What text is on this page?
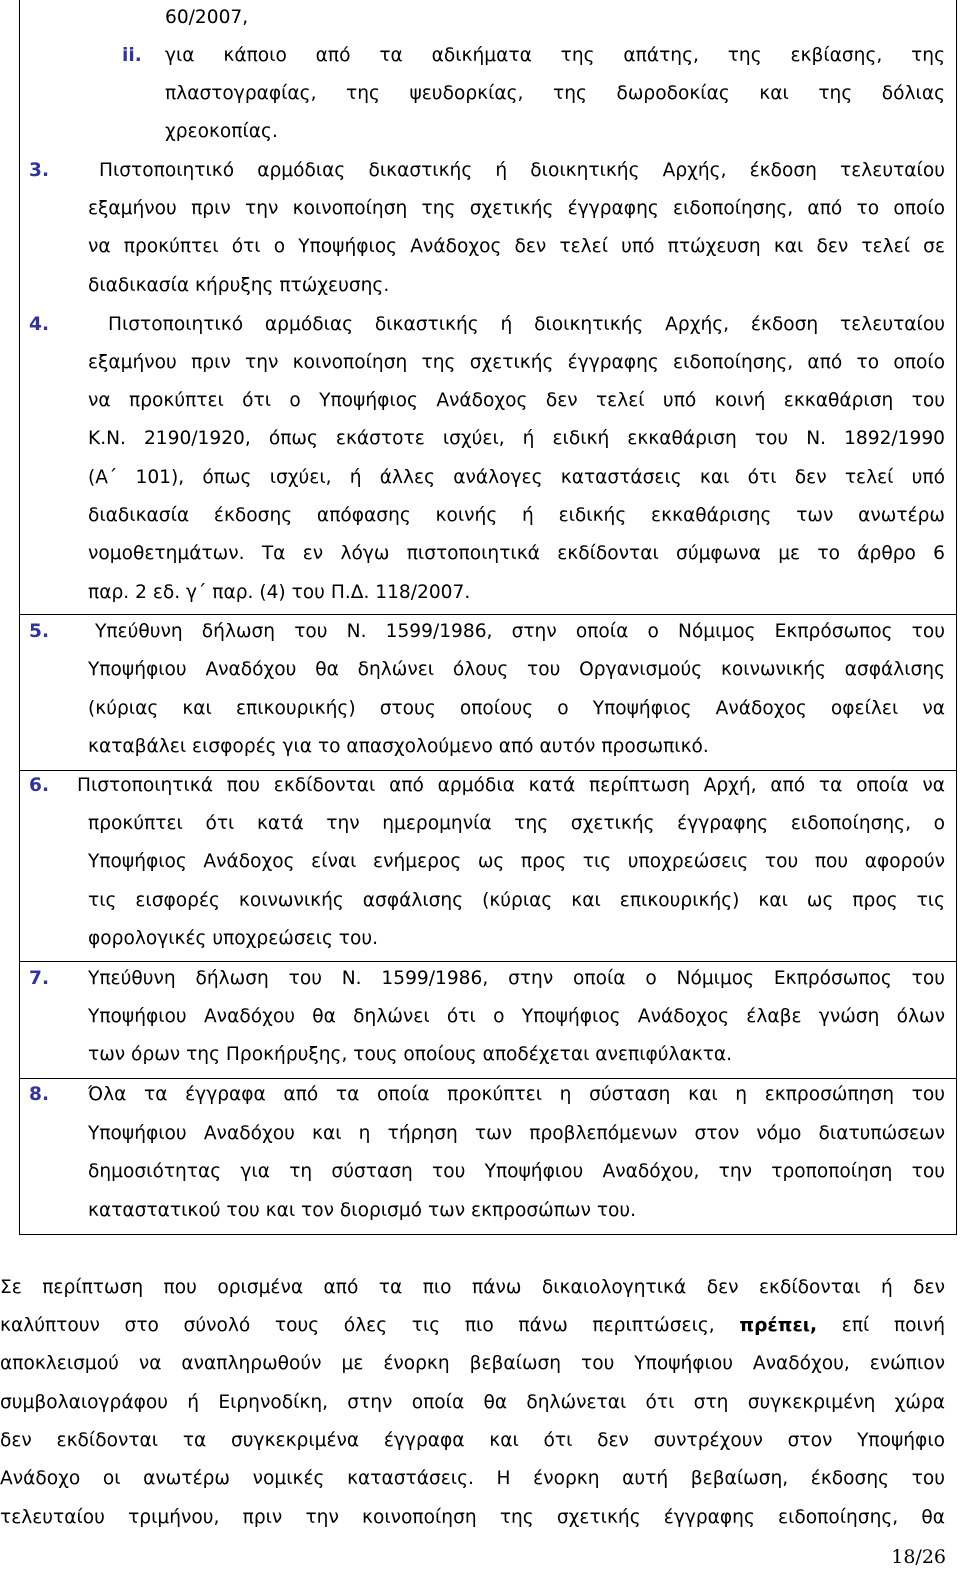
60/2007,
ii. για κάποιο από τα αδικήματα της απάτης, της εκβίασης, της
πλαστογραφίας, της ψευδορκίας, της δωροδοκίας και της δόλιας
χρεοκοπίας.
3.	Πιστοποιητικό αρμόδιας δικαστικής ή διοικητικής Αρχής, έκδοση τελευταίου
εξαμήνου πριν την κοινοποίηση της σχετικής έγγραφης ειδοποίησης, από το οποίο
να προκύπτει ότι ο Υποψήφιος Ανάδοχος δεν τελεί υπό πτώχευση και δεν τελεί σε
διαδικασία κήρυξης πτώχευσης.
4.	Πιστοποιητικό αρμόδιας δικαστικής ή διοικητικής Αρχής, έκδοση τελευταίου
εξαμήνου πριν την κοινοποίηση της σχετικής έγγραφης ειδοποίησης, από το οποίο
να προκύπτει ότι ο Υποψήφιος Ανάδοχος δεν τελεί υπό κοινή εκκαθάριση του
Κ.Ν. 2190/1920, όπως εκάστοτε ισχύει, ή ειδική εκκαθάριση του Ν. 1892/1990
(Α΄ 101), όπως ισχύει, ή άλλες ανάλογες καταστάσεις και ότι δεν τελεί υπό
διαδικασία έκδοσης απόφασης κοινής ή ειδικής εκκαθάρισης των ανωτέρω
νομοθετημάτων. Τα εν λόγω πιστοποιητικά εκδίδονται σύμφωνα με το άρθρο 6
παρ. 2 εδ. γ΄ παρ. (4) του Π.Δ. 118/2007.
5. Υπεύθυνη δήλωση του Ν. 1599/1986, στην οποία ο Νόμιμος Εκπρόσωπος του
Υποψήφιου Αναδόχου θα δηλώνει όλους του Οργανισμούς κοινωνικής ασφάλισης
(κύριας και επικουρικής) στους οποίους ο Υποψήφιος Ανάδοχος οφείλει να
καταβάλει εισφορές για το απασχολούμενο από αυτόν προσωπικό.
6. Πιστοποιητικά που εκδίδονται από αρμόδια κατά περίπτωση Αρχή, από τα οποία να
προκύπτει ότι κατά την ημερομηνία της σχετικής έγγραφης ειδοποίησης, ο
Υποψήφιος Ανάδοχος είναι ενήμερος ως προς τις υποχρεώσεις του που αφορούν
τις εισφορές κοινωνικής ασφάλισης (κύριας και επικουρικής) και ως προς τις
φορολογικές υποχρεώσεις του.
7. Υπεύθυνη δήλωση του Ν. 1599/1986, στην οποία ο Νόμιμος Εκπρόσωπος του
Υποψήφιου Αναδόχου θα δηλώνει ότι ο Υποψήφιος Ανάδοχος έλαβε γνώση όλων
των όρων της Προκήρυξης, τους οποίους αποδέχεται ανεπιφύλακτα.
8. Όλα τα έγγραφα από τα οποία προκύπτει η σύσταση και η εκπροσώπηση του
Υποψήφιου Αναδόχου και η τήρηση των προβλεπόμενων στον νόμο διατυπώσεων
δημοσιότητας για τη σύσταση του Υποψήφιου Αναδόχου, την τροποποίηση του
καταστατικού του και τον διορισμό των εκπροσώπων του.
Σε περίπτωση που ορισμένα από τα πιο πάνω δικαιολογητικά δεν εκδίδονται ή δεν
καλύπτουν στο σύνολό τους όλες τις πιο πάνω περιπτώσεις, πρέπει, επί ποινή
αποκλεισμού να αναπληρωθούν με ένορκη βεβαίωση του Υποψήφιου Αναδόχου, ενώπιον
συμβολαιογράφου ή Ειρηνοδίκη, στην οποία θα δηλώνεται ότι στη συγκεκριμένη χώρα
δεν εκδίδονται τα συγκεκριμένα έγγραφα και ότι δεν συντρέχουν στον Υποψήφιο
Ανάδοχο οι ανωτέρω νομικές καταστάσεις. Η ένορκη αυτή βεβαίωση, έκδοσης του
τελευταίου τριμήνου, πριν την κοινοποίηση της σχετικής έγγραφης ειδοποίησης, θα
18/26
